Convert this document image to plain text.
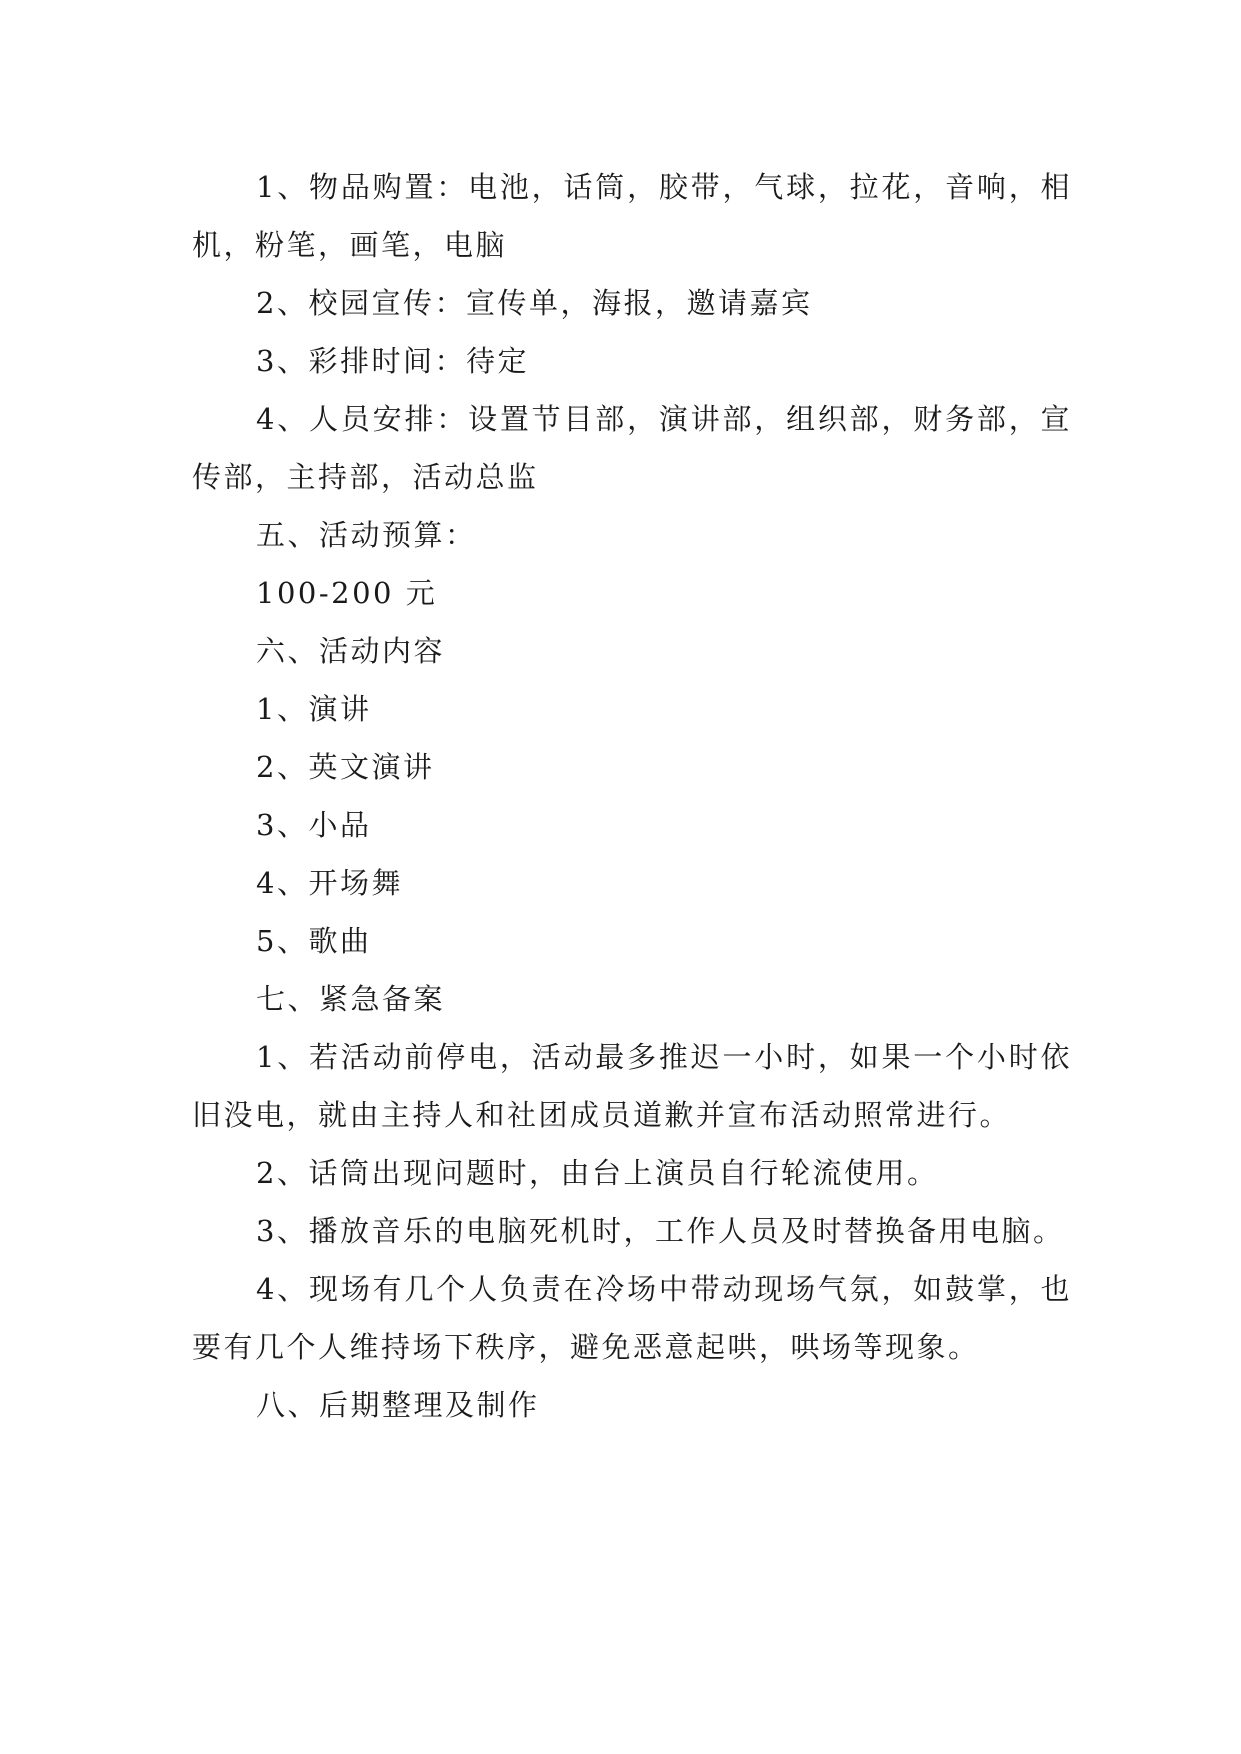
1、物品购置：电池，话筒，胶带，气球，拉花，音响，相机，粉笔，画笔，电脑

2、校园宣传：宣传单，海报，邀请嘉宾

3、彩排时间：待定

4、人员安排：设置节目部，演讲部，组织部，财务部，宣传部，主持部，活动总监

五、活动预算：

100-200 元

六、活动内容

1、演讲

2、英文演讲

3、小品

4、开场舞

5、歌曲

七、紧急备案

1、若活动前停电，活动最多推迟一小时，如果一个小时依旧没电，就由主持人和社团成员道歉并宣布活动照常进行。

2、话筒出现问题时，由台上演员自行轮流使用。

3、播放音乐的电脑死机时，工作人员及时替换备用电脑。

4、现场有几个人负责在冷场中带动现场气氛，如鼓掌，也要有几个人维持场下秩序，避免恶意起哄，哄场等现象。

八、后期整理及制作
